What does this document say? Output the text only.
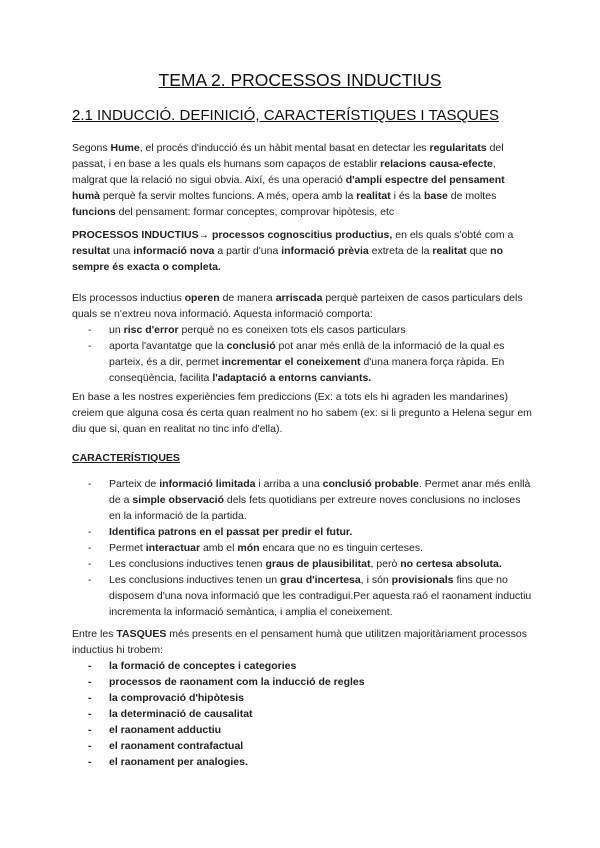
TEMA 2. PROCESSOS INDUCTIUS
2.1 INDUCCIÓ. DEFINICIÓ, CARACTERÍSTIQUES I TASQUES

Segons Hume, el procés d'inducció és un hàbit mental basat en detectar les regularitats del passat, i en base a les quals els humans som capaços de establir relacions causa-efecte, malgrat que la relació no sigui obvia. Així, és una operació d'ampli espectre del pensament humà perquè fa servir moltes funcions. A més, opera amb la realitat i és la base de moltes funcions del pensament: formar conceptes, comprovar hipòtesis, etc

PROCESSOS INDUCTIUS→ processos cognoscitius productius, en els quals s'obté com a resultat una informació nova a partir d'una informació prèvia extreta de la realitat que no sempre és exacta o completa.

Els processos inductius operen de manera arriscada perquè parteixen de casos particulars dels quals se n'extreu nova informació. Aquesta informació comporta:

- un risc d'error perquè no es coneixen tots els casos particulars
- aporta l'avantatge que la conclusió pot anar més enllà de la informació de la qual es parteix, és a dir, permet incrementar el coneixement d'una manera força ràpida. En conseqüència, facilita l'adaptació a entorns canviants.

En base a les nostres experiències fem prediccions (Ex: a tots els hi agraden les mandarines) creiem que alguna cosa és certa quan realment no ho sabem (ex: si li pregunto a Helena segur em diu que si, quan en realitat no tinc info d'ella).

CARACTERÍSTIQUES
- Parteix de informació limitada i arriba a una conclusió probable. Permet anar més enllà de a simple observació dels fets quotidians per extreure noves conclusions no incloses en la informació de la partida.
- Identifica patrons en el passat per predir el futur.
- Permet interactuar amb el món encara que no es tinguin certeses.
- Les conclusions inductives tenen graus de plausibilitat, però no certesa absoluta.
- Les conclusions inductives tenen un grau d'incertesa, i són provisionals fins que no disposem d'una nova informació que les contradigui.Per aquesta raó el raonament inductiu incrementa la informació semàntica, i amplia el coneixement.

Entre les TASQUES més presents en el pensament humà que utilitzen majoritàriament processos inductius hi trobem:

- la formació de conceptes i categories
- processos de raonament com la inducció de regles
- la comprovació d'hipòtesis
- la determinació de causalitat
- el raonament adductiu
- el raonament contrafactual
- el raonament per analogies.
